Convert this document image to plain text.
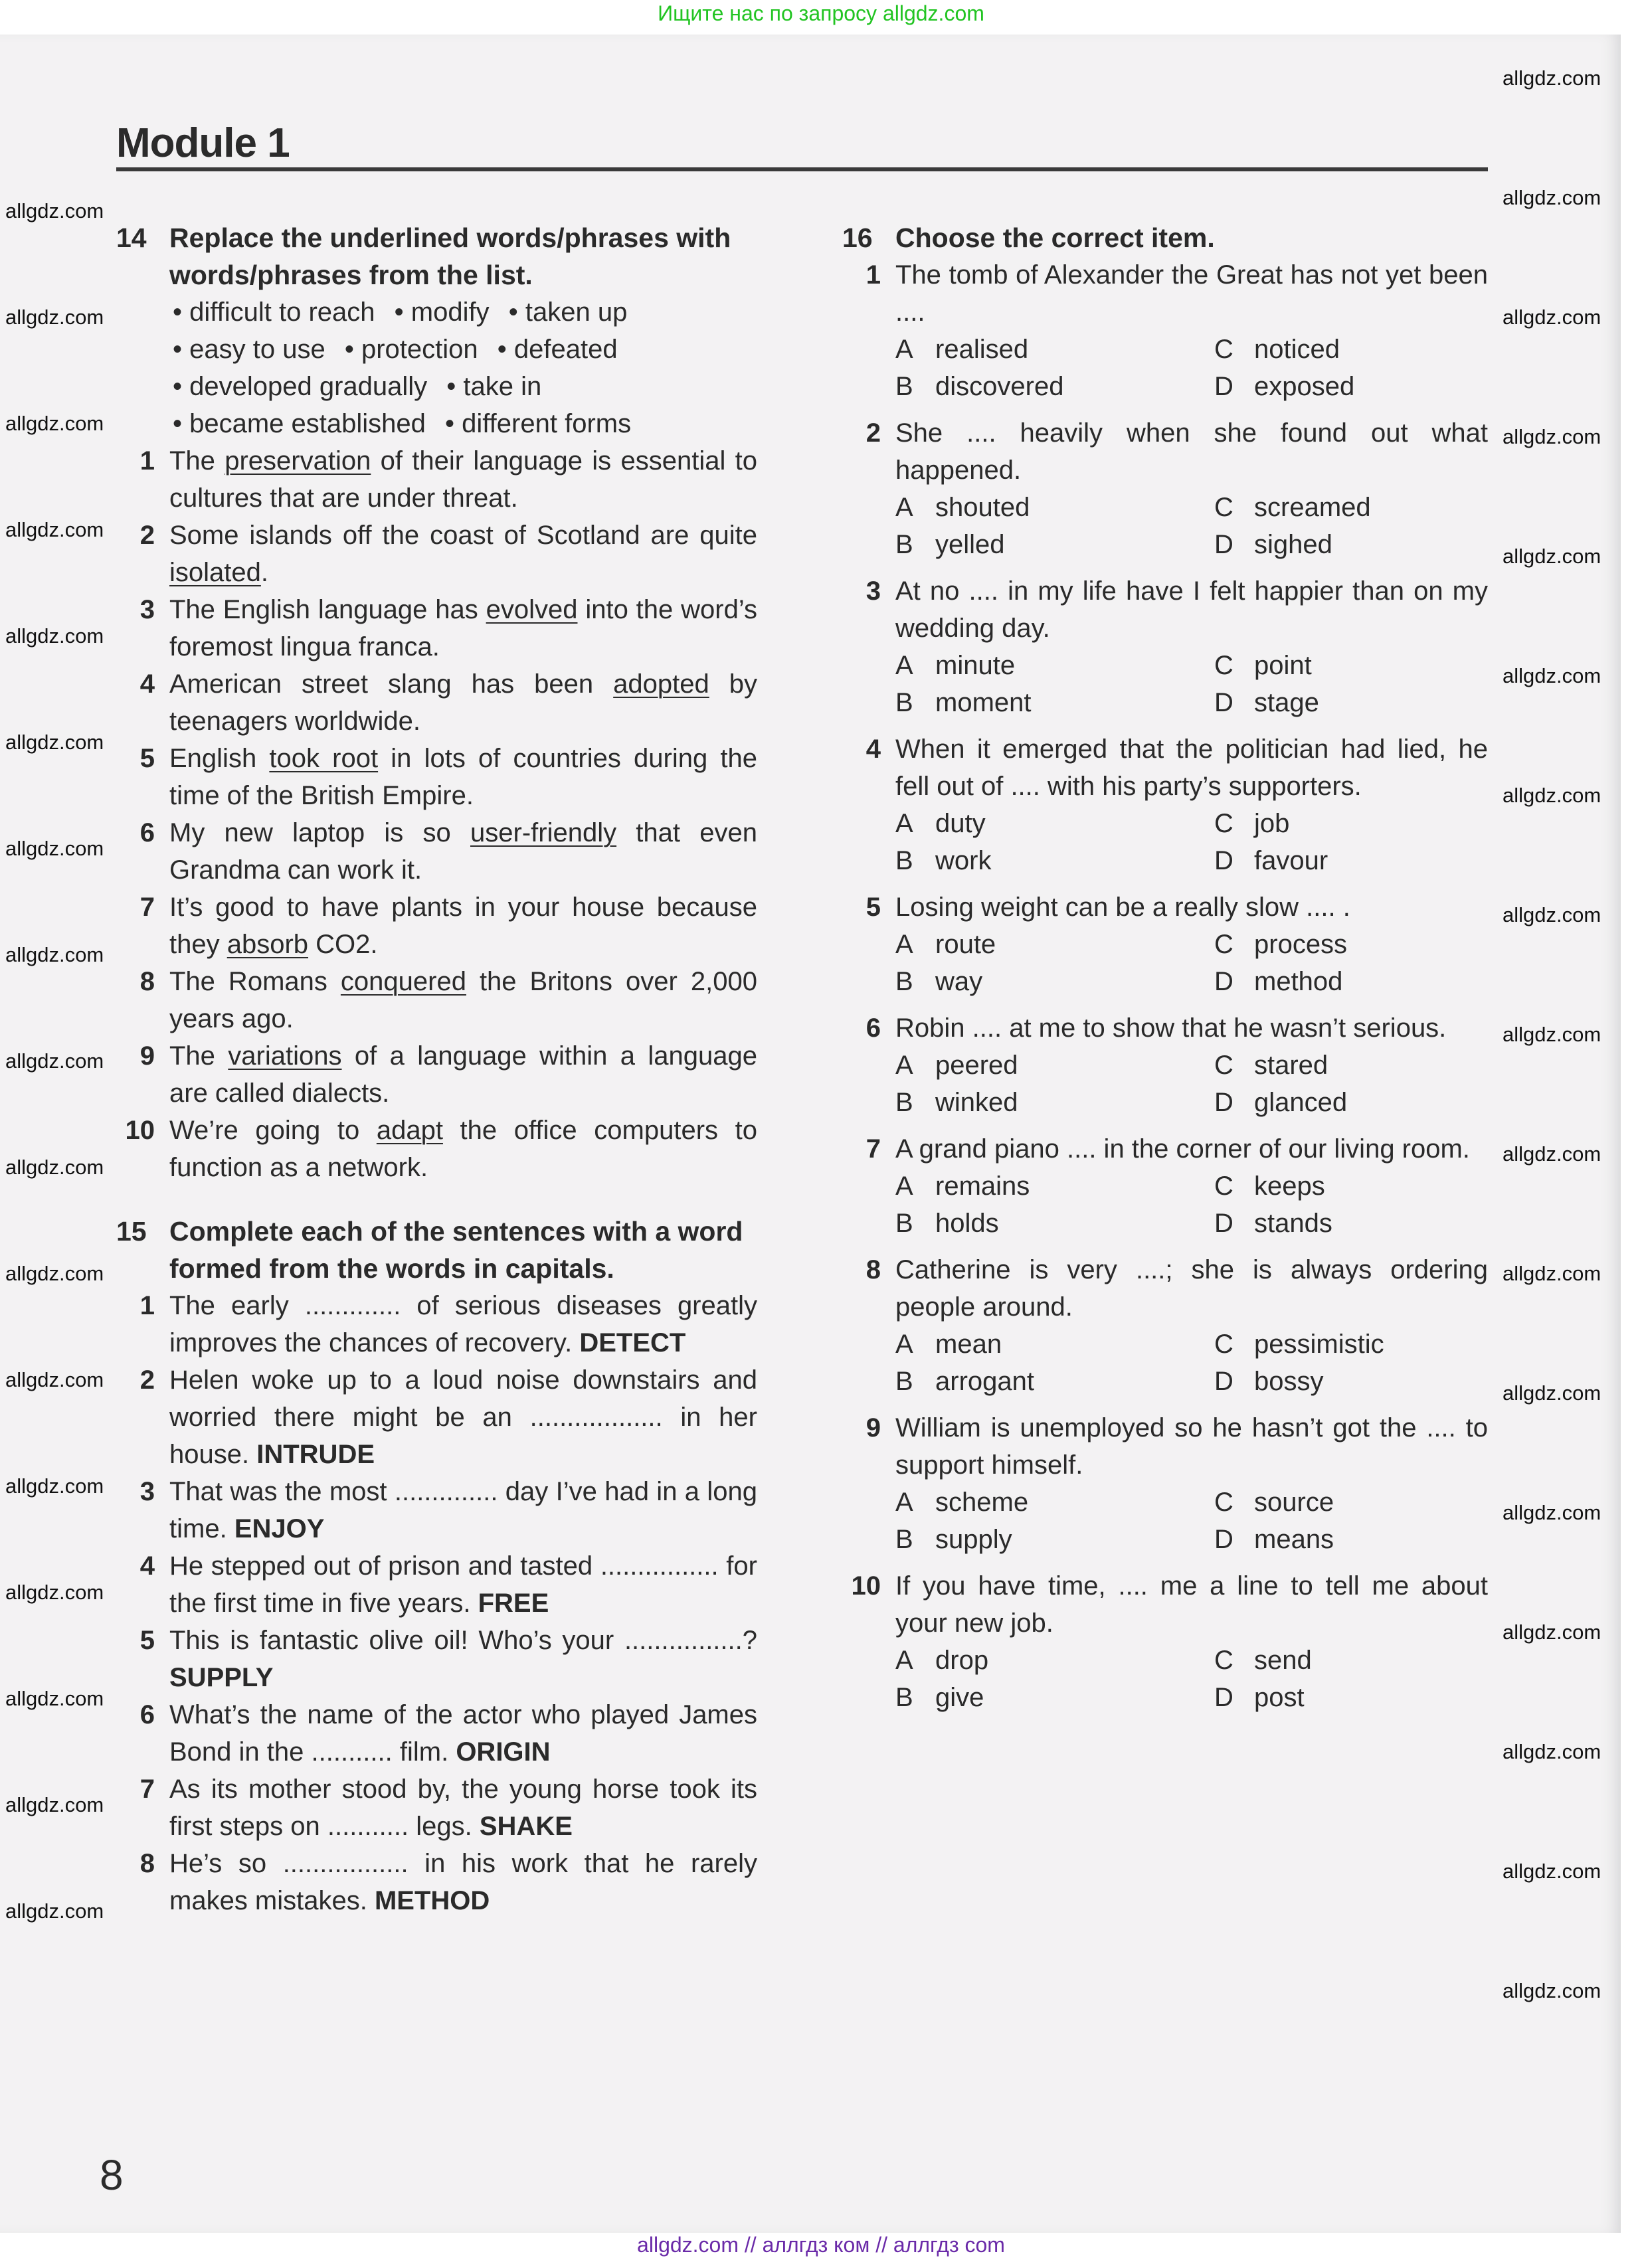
Ищите нас по запросу allgdz.com
Module 1
14 Replace the underlined words/phrases with words/phrases from the list.
• difficult to reach • modify • taken up • easy to use • protection • defeated • developed gradually • take in • became established • different forms
1 The preservation of their language is essential to cultures that are under threat.
2 Some islands off the coast of Scotland are quite isolated.
3 The English language has evolved into the word’s foremost lingua franca.
4 American street slang has been adopted by teenagers worldwide.
5 English took root in lots of countries during the time of the British Empire.
6 My new laptop is so user-friendly that even Grandma can work it.
7 It’s good to have plants in your house because they absorb CO2.
8 The Romans conquered the Britons over 2,000 years ago.
9 The variations of a language within a language are called dialects.
10 We’re going to adapt the office computers to function as a network.
15 Complete each of the sentences with a word formed from the words in capitals.
1 The early ............. of serious diseases greatly improves the chances of recovery. DETECT
2 Helen woke up to a loud noise downstairs and worried there might be an .................. in her house. INTRUDE
3 That was the most .............. day I’ve had in a long time. ENJOY
4 He stepped out of prison and tasted ................ for the first time in five years. FREE
5 This is fantastic olive oil! Who’s your ................? SUPPLY
6 What’s the name of the actor who played James Bond in the ........... film. ORIGIN
7 As its mother stood by, the young horse took its first steps on ........... legs. SHAKE
8 He’s so ................. in his work that he rarely makes mistakes. METHOD
16 Choose the correct item.
1 The tomb of Alexander the Great has not yet been ....
A realised	C noticed
B discovered	D exposed
2 She .... heavily when she found out what happened.
A shouted	C screamed
B yelled	D sighed
3 At no .... in my life have I felt happier than on my wedding day.
A minute	C point
B moment	D stage
4 When it emerged that the politician had lied, he fell out of .... with his party’s supporters.
A duty	C job
B work	D favour
5 Losing weight can be a really slow .... .
A route	C process
B way	D method
6 Robin .... at me to show that he wasn’t serious.
A peered	C stared
B winked	D glanced
7 A grand piano .... in the corner of our living room.
A remains	C keeps
B holds	D stands
8 Catherine is very ....; she is always ordering people around.
A mean	C pessimistic
B arrogant	D bossy
9 William is unemployed so he hasn’t got the .... to support himself.
A scheme	C source
B supply	D means
10 If you have time, .... me a line to tell me about your new job.
A drop	C send
B give	D post
8
allgdz.com
allgdz.com
allgdz.com
allgdz.com
allgdz.com
allgdz.com
allgdz.com
allgdz.com
allgdz.com
allgdz.com
allgdz.com
allgdz.com
allgdz.com
allgdz.com
allgdz.com
allgdz.com
allgdz.com
allgdz.com
allgdz.com
allgdz.com
allgdz.com
allgdz.com
allgdz.com
allgdz.com
allgdz.com
allgdz.com
allgdz.com
allgdz.com
allgdz.com
allgdz.com
allgdz.com
allgdz.com
allgdz.com
allgdz.com
allgdz.com // аллгдз ком // аллгдз com
